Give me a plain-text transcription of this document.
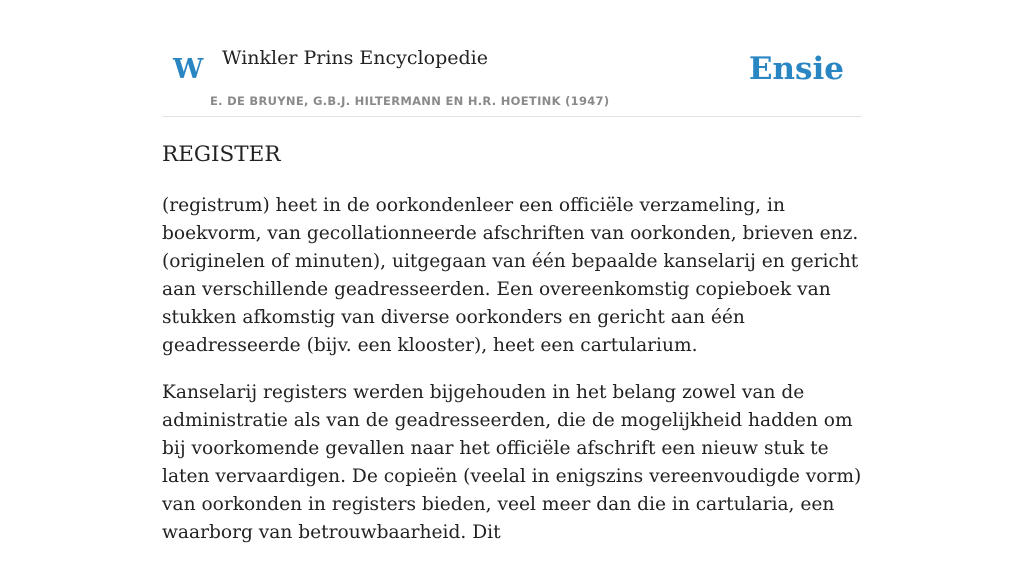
W Winkler Prins Encyclopedie
E. DE BRUYNE, G.B.J. HILTERMANN EN H.R. HOETINK (1947)
Ensie
REGISTER

(registrum) heet in de oorkondenleer een officiële verzameling, in boekvorm, van gecollationneerde afschriften van oorkonden, brieven enz. (originelen of minuten), uitgegaan van één bepaalde kanselarij en gericht aan verschillende geadresseerden. Een overeenkomstig copieboek van stukken afkomstig van diverse oorkonders en gericht aan één geadresseerde (bijv. een klooster), heet een cartularium.

Kanselarij registers werden bijgehouden in het belang zowel van de administratie als van de geadresseerden, die de mogelijkheid hadden om bij voorkomende gevallen naar het officiële afschrift een nieuw stuk te laten vervaardigen. De copieën (veelal in enigszins vereenvoudigde vorm) van oorkonden in registers bieden, veel meer dan die in cartularia, een waarborg van betrouwbaarheid. Dit
